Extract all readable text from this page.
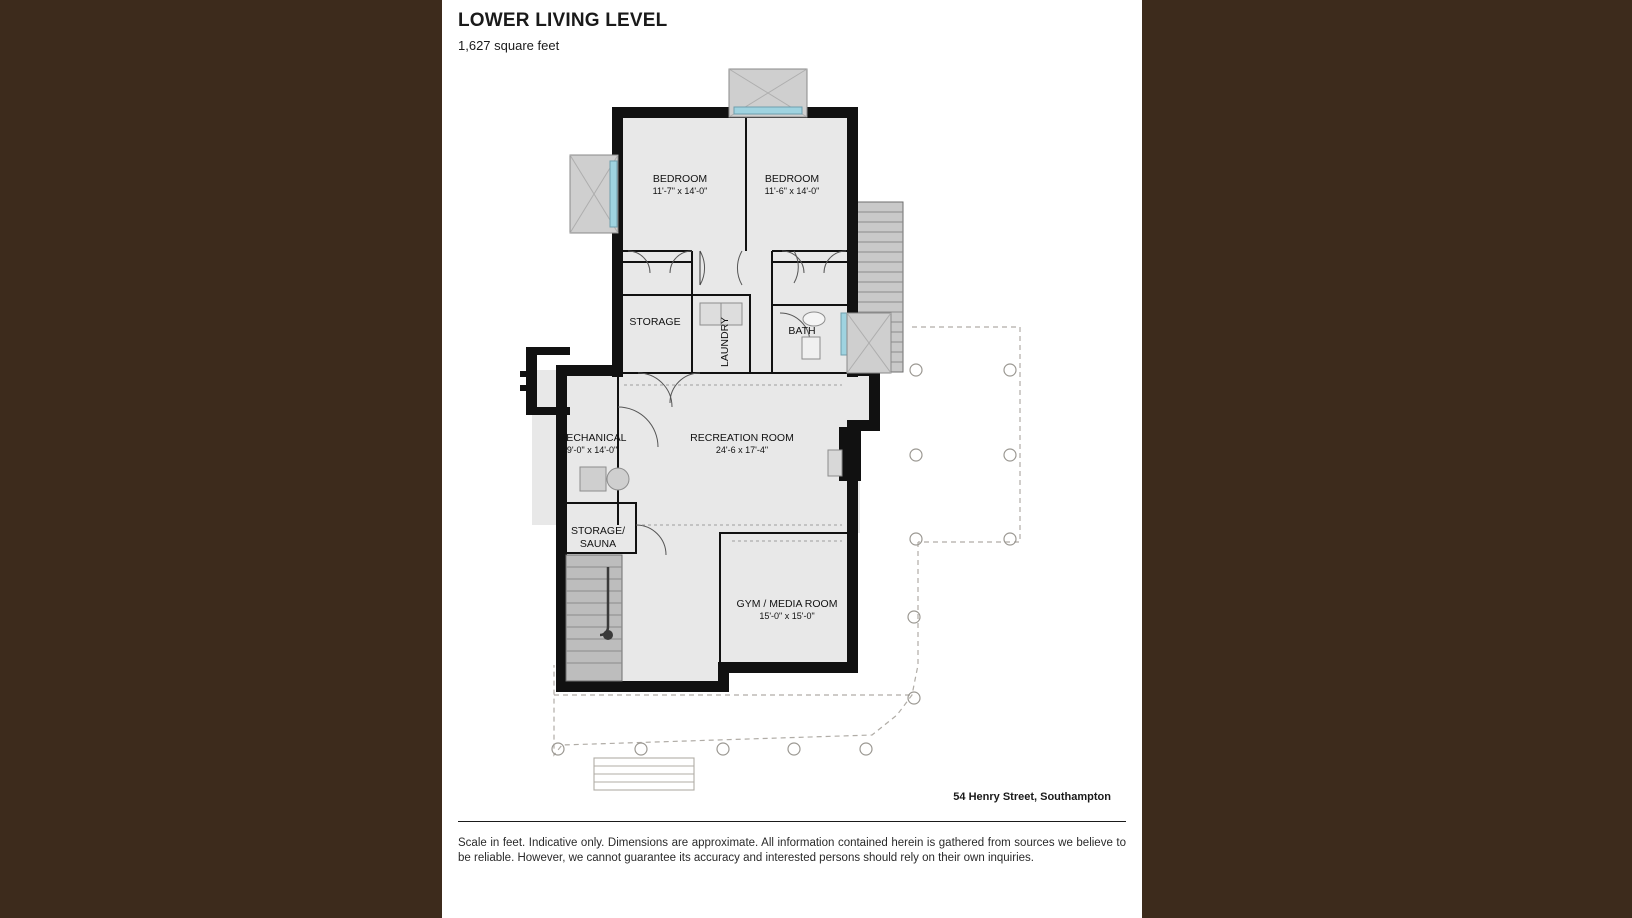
LOWER LIVING LEVEL
1,627 square feet
BEDROOM
11'-7" x 14'-0"
BEDROOM
11'-6" x 14'-0"
STORAGE	LAUNDRY	BATH
MECHANICAL
9'-0" x 14'-0"
RECREATION ROOM
24'-6 x 17'-4"
STORAGE/
SAUNA
GYM / MEDIA ROOM
15'-0" x 15'-0"
54 Henry Street, Southampton
Scale in feet. Indicative only. Dimensions are approximate. All information contained herein is gathered from sources we believe to be reliable. However, we cannot guarantee its accuracy and interested persons should rely on their own inquiries.
